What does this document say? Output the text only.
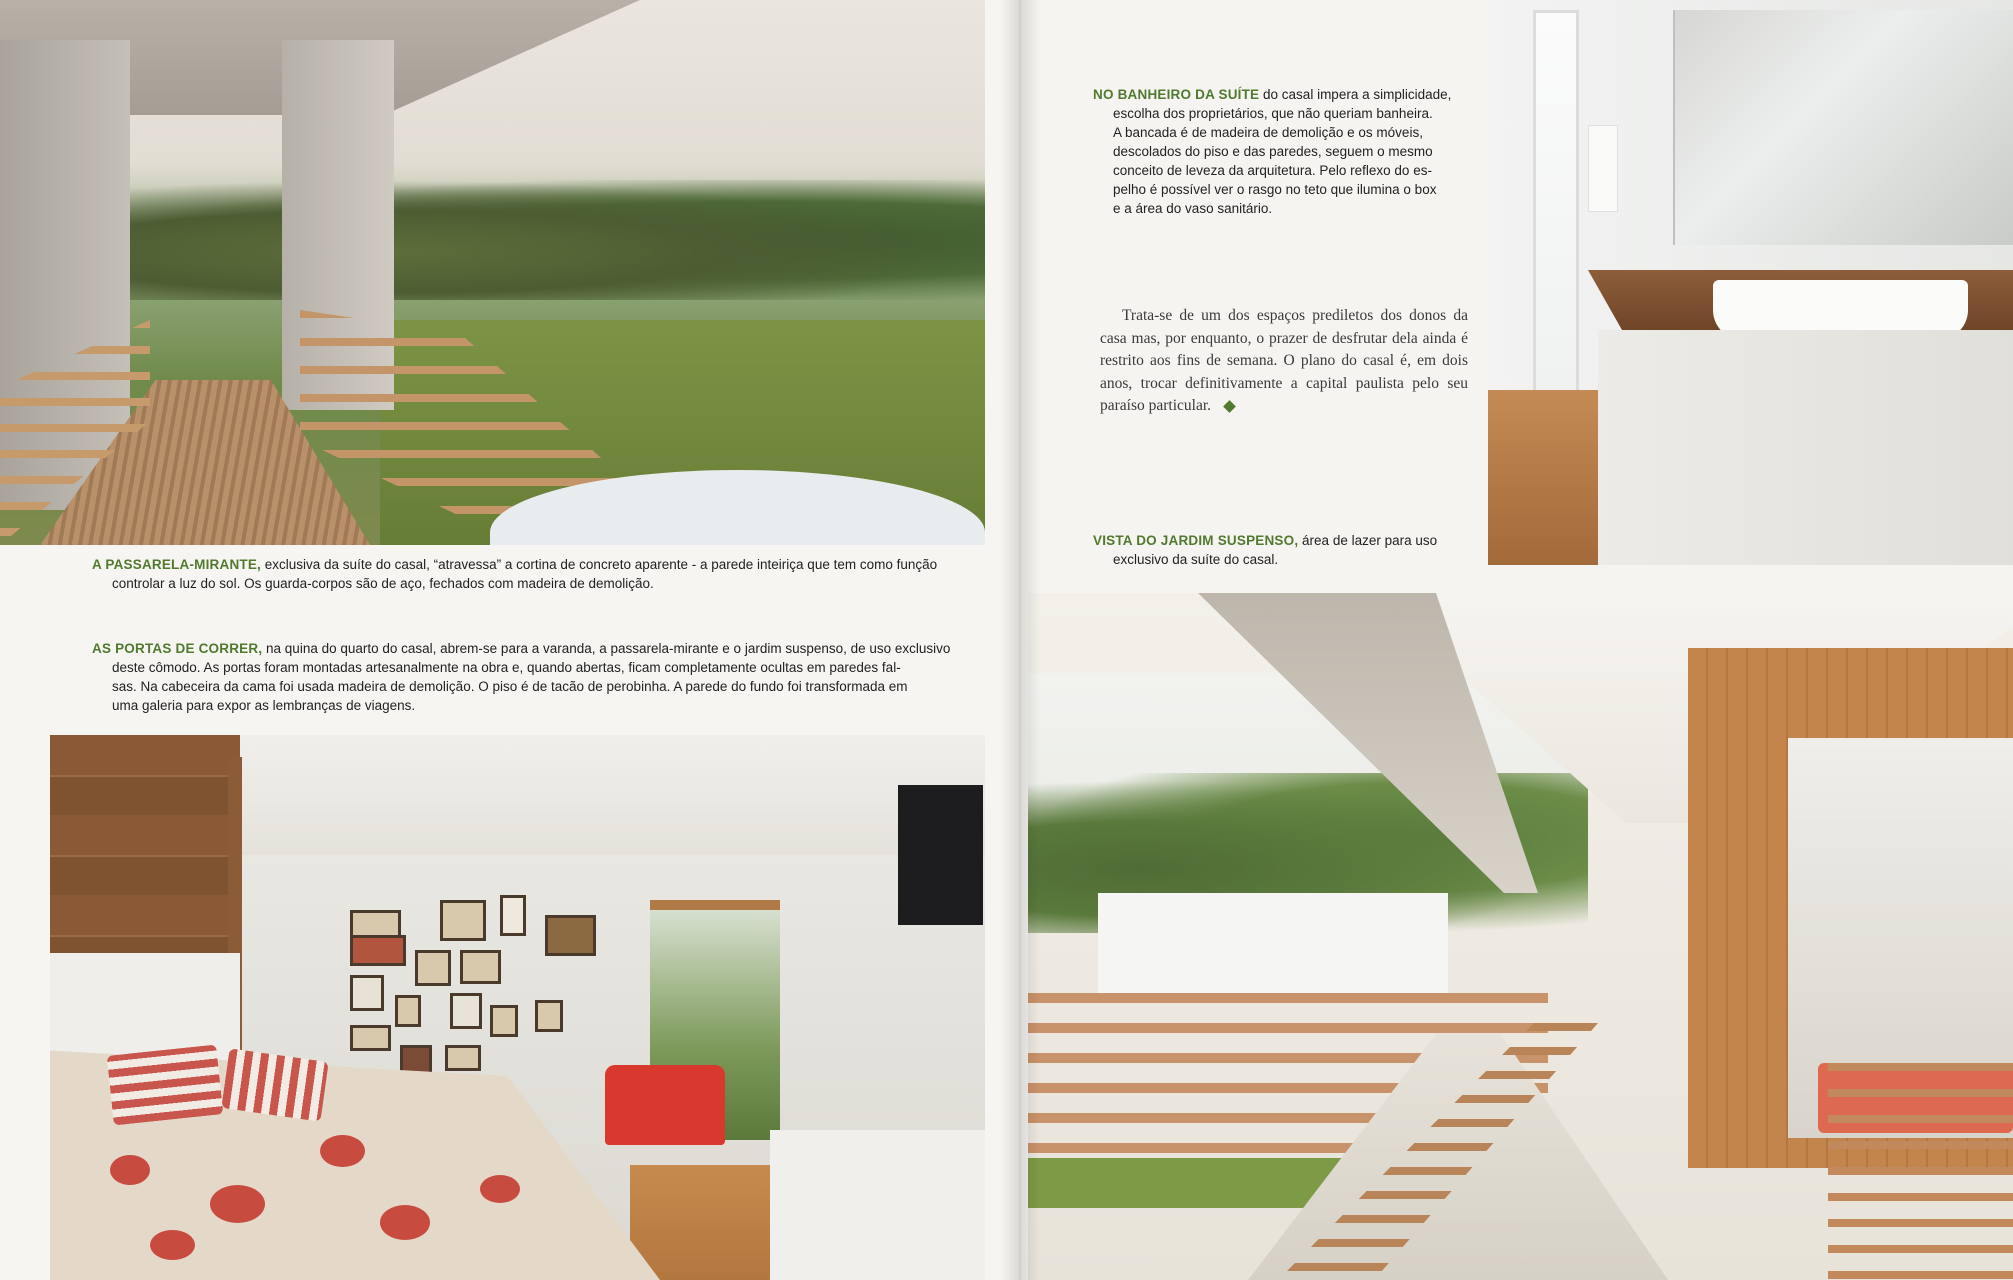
A PASSARELA-MIRANTE, exclusiva da suíte do casal, “atravessa” a cortina de concreto aparente - a parede inteiriça que tem como função
controlar a luz do sol. Os guarda-corpos são de aço, fechados com madeira de demolição.
AS PORTAS DE CORRER, na quina do quarto do casal, abrem-se para a varanda, a passarela-mirante e o jardim suspenso, de uso exclusivo
deste cômodo. As portas foram montadas artesanalmente na obra e, quando abertas, ficam completamente ocultas em paredes fal-
sas. Na cabeceira da cama foi usada madeira de demolição. O piso é de tacão de perobinha. A parede do fundo foi transformada em
uma galeria para expor as lembranças de viagens.
NO BANHEIRO DA SUÍTE do casal impera a simplicidade,
escolha dos proprietários, que não queriam banheira.
A bancada é de madeira de demolição e os móveis,
descolados do piso e das paredes, seguem o mesmo
conceito de leveza da arquitetura. Pelo reflexo do es-
pelho é possível ver o rasgo no teto que ilumina o box
e a área do vaso sanitário.
Trata-se de um dos espaços prediletos dos donos da casa mas, por enquanto, o prazer de desfrutar dela ainda é restrito aos fins de semana. O plano do casal é, em dois anos, trocar definitivamente a capital paulista pelo seu paraíso particular.
VISTA DO JARDIM SUSPENSO, área de lazer para uso
exclusivo da suíte do casal.
